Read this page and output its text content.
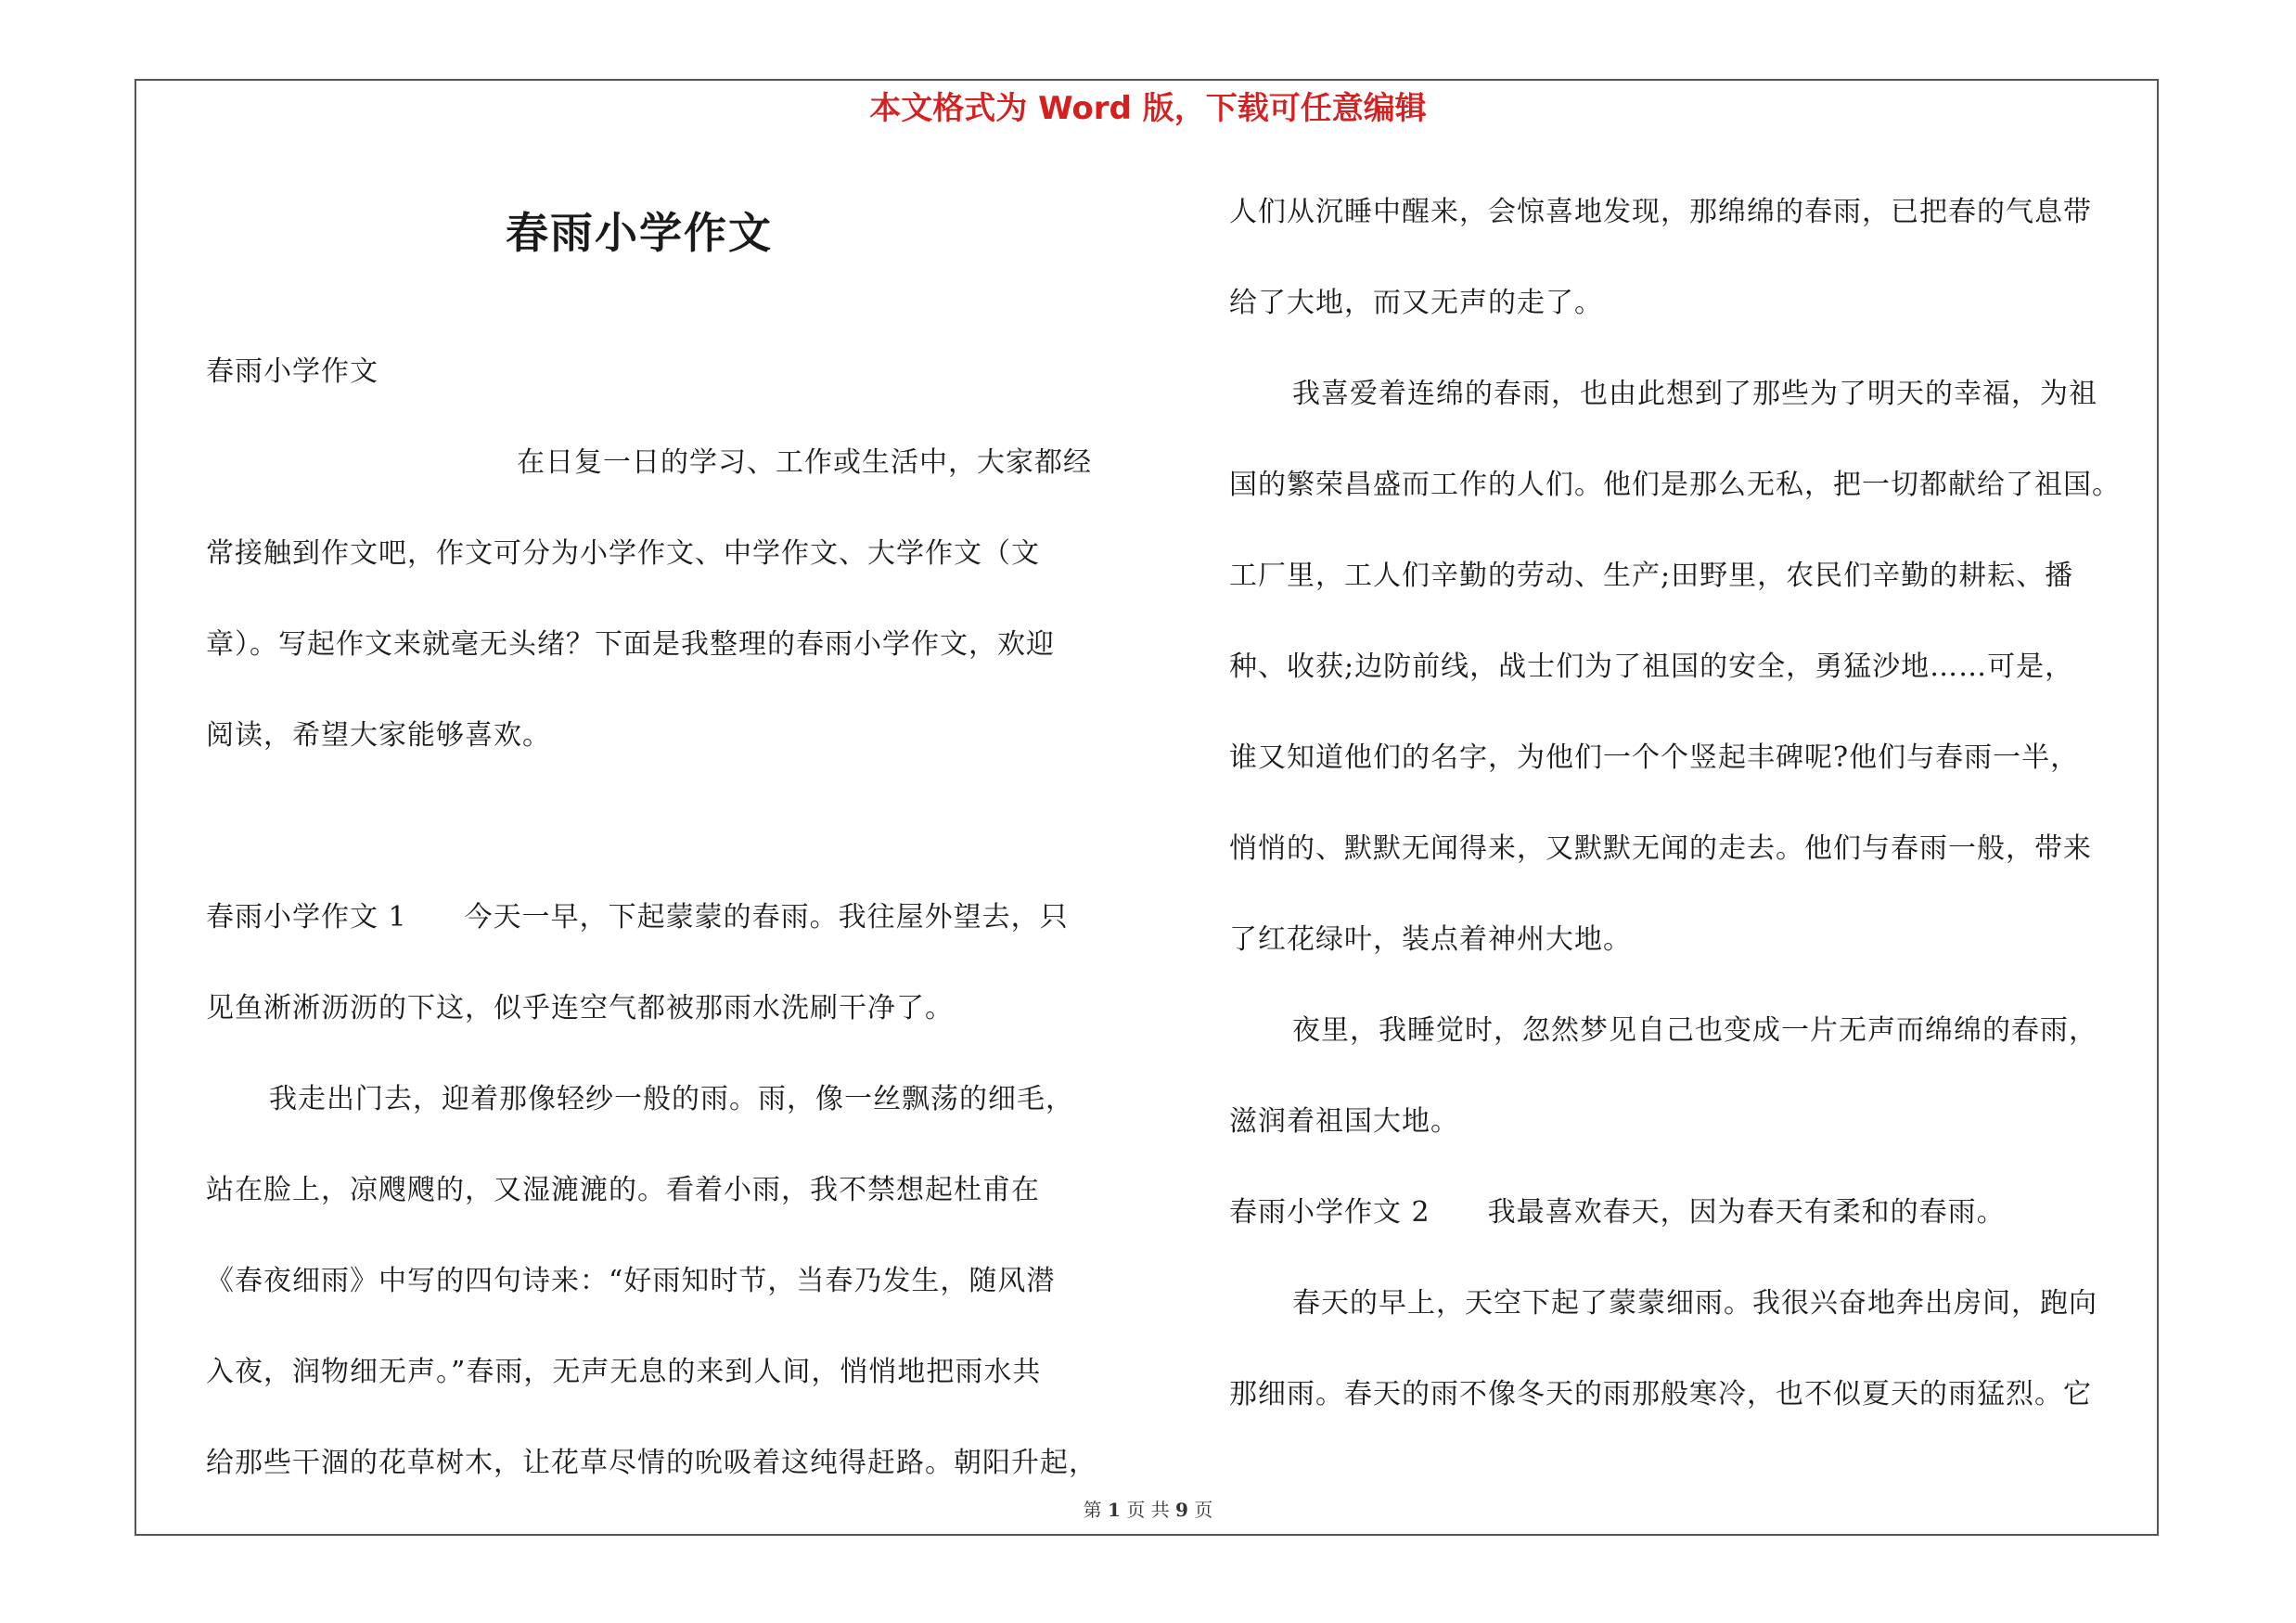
本文格式为 Word 版，下载可任意编辑
春雨小学作文
春雨小学作文
在日复一日的学习、工作或生活中，大家都经
常接触到作文吧，作文可分为小学作文、中学作文、大学作文（文
章）。写起作文来就毫无头绪？下面是我整理的春雨小学作文，欢迎
阅读，希望大家能够喜欢。
春雨小学作文 1　　今天一早，下起蒙蒙的春雨。我往屋外望去，只
见鱼淅淅沥沥的下这，似乎连空气都被那雨水洗刷干净了。
我走出门去，迎着那像轻纱一般的雨。雨，像一丝飘荡的细毛，
站在脸上，凉飕飕的，又湿漉漉的。看着小雨，我不禁想起杜甫在
《春夜细雨》中写的四句诗来：“好雨知时节，当春乃发生，随风潜
入夜，润物细无声。”春雨，无声无息的来到人间，悄悄地把雨水共
给那些干涸的花草树木，让花草尽情的吮吸着这纯得赶路。朝阳升起，
人们从沉睡中醒来，会惊喜地发现，那绵绵的春雨，已把春的气息带
给了大地，而又无声的走了。
我喜爱着连绵的春雨，也由此想到了那些为了明天的幸福，为祖
国的繁荣昌盛而工作的人们。他们是那么无私，把一切都献给了祖国。
工厂里，工人们辛勤的劳动、生产;田野里，农民们辛勤的耕耘、播
种、收获;边防前线，战士们为了祖国的安全，勇猛沙地……可是，
谁又知道他们的名字，为他们一个个竖起丰碑呢?他们与春雨一半，
悄悄的、默默无闻得来，又默默无闻的走去。他们与春雨一般，带来
了红花绿叶，装点着神州大地。
夜里，我睡觉时，忽然梦见自己也变成一片无声而绵绵的春雨，
滋润着祖国大地。
春雨小学作文 2　　我最喜欢春天，因为春天有柔和的春雨。
春天的早上，天空下起了蒙蒙细雨。我很兴奋地奔出房间，跑向
那细雨。春天的雨不像冬天的雨那般寒冷，也不似夏天的雨猛烈。它
第 1 页 共 9 页
